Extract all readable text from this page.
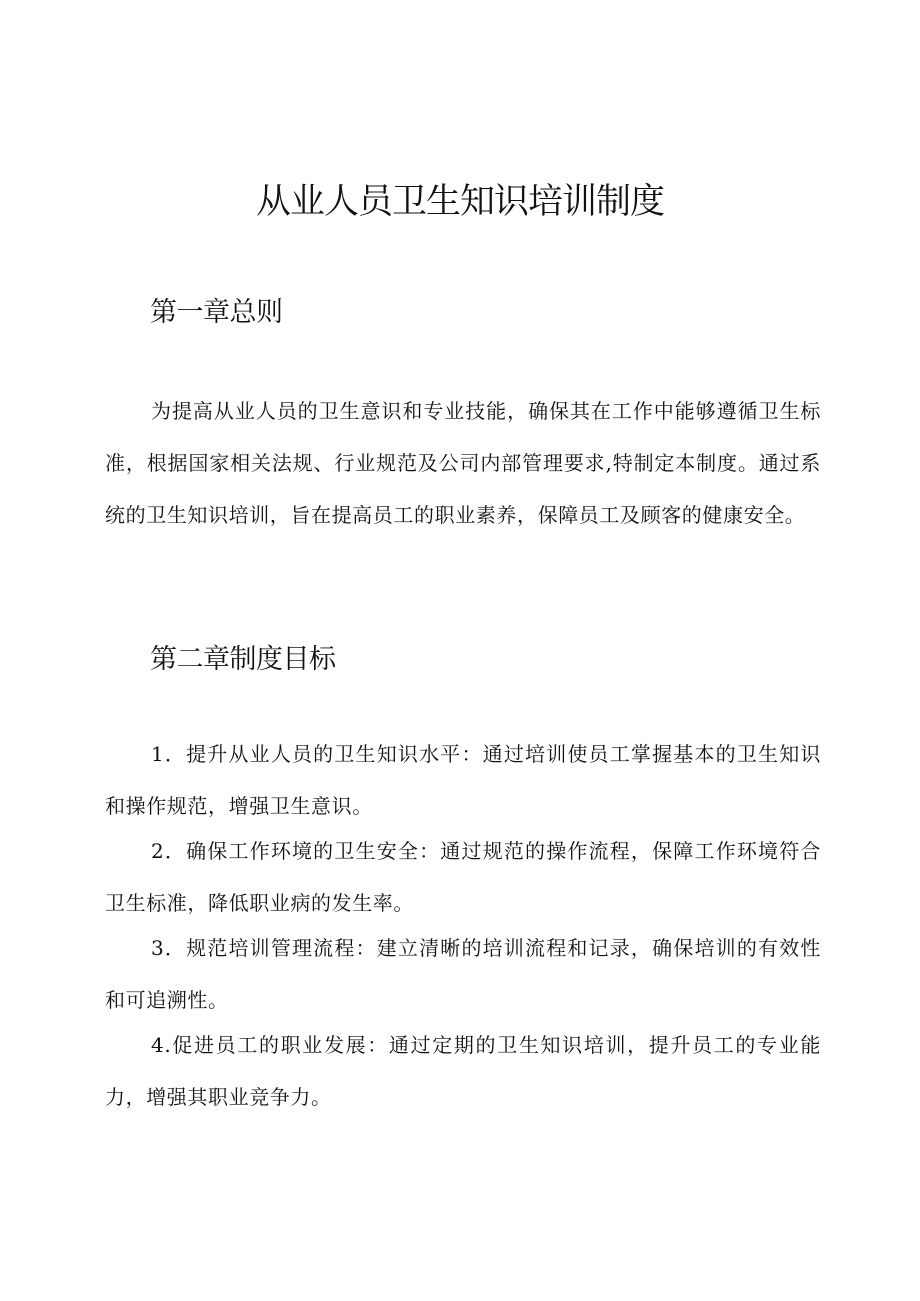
从业人员卫生知识培训制度
第一章总则

为提高从业人员的卫生意识和专业技能，确保其在工作中能够遵循卫生标准，根据国家相关法规、行业规范及公司内部管理要求,特制定本制度。通过系统的卫生知识培训，旨在提高员工的职业素养，保障员工及顾客的健康安全。

第二章制度目标

1．提升从业人员的卫生知识水平：通过培训使员工掌握基本的卫生知识和操作规范，增强卫生意识。

2．确保工作环境的卫生安全：通过规范的操作流程，保障工作环境符合卫生标准，降低职业病的发生率。

3．规范培训管理流程：建立清晰的培训流程和记录，确保培训的有效性和可追溯性。

4.促进员工的职业发展：通过定期的卫生知识培训，提升员工的专业能力，增强其职业竞争力。
